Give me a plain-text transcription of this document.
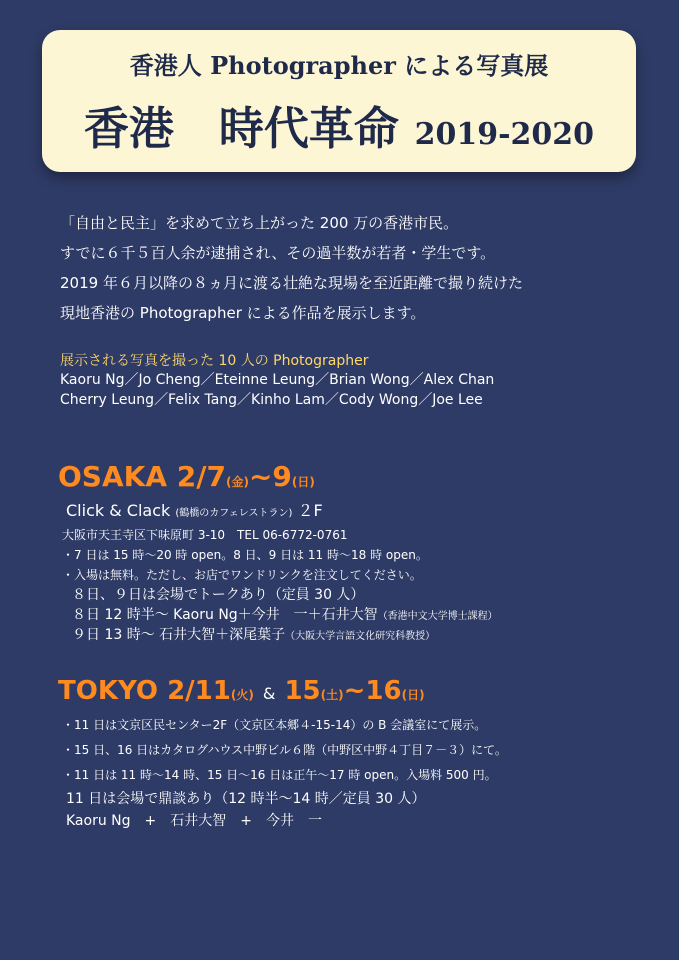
香港人 Photographer による写真展
香港　時代革命 2019-2020
「自由と民主」を求めて立ち上がった 200 万の香港市民。
すでに６千５百人余が逮捕され、その過半数が若者・学生です。
2019 年６月以降の８ヵ月に渡る壮絶な現場を至近距離で撮り続けた
現地香港の Photographer による作品を展示します。
展示される写真を撮った 10 人の Photographer
Kaoru Ng／Jo Cheng／Eteinne Leung／Brian Wong／Alex Chan
Cherry Leung／Felix Tang／Kinho Lam／Cody Wong／Joe Lee
OSAKA 2/7(金)~9(日)
Click & Clack (鶴橋のカフェレストラン) ２F
大阪市天王寺区下味原町 3-10　TEL 06-6772-0761
・7 日は 15 時～20 時 open。8 日、9 日は 11 時～18 時 open。
・入場は無料。ただし、お店でワンドリンクを注文してください。
８日、９日は会場でトークあり（定員 30 人）
８日 12 時半～ Kaoru Ng＋今井　一＋石井大智（香港中文大学博士課程）
９日 13 時～ 石井大智＋深尾葉子（大阪大学言語文化研究科教授）
TOKYO 2/11(火) & 15(土)~16(日)
・11 日は文京区民センター2F（文京区本郷４-15-14）の B 会議室にて展示。
・15 日、16 日はカタログハウス中野ビル６階（中野区中野４丁目７－３）にて。
・11 日は 11 時～14 時、15 日～16 日は正午～17 時 open。入場料 500 円。
11 日は会場で鼎談あり（12 時半～14 時／定員 30 人）
Kaoru Ng　+　石井大智　+　今井　一
